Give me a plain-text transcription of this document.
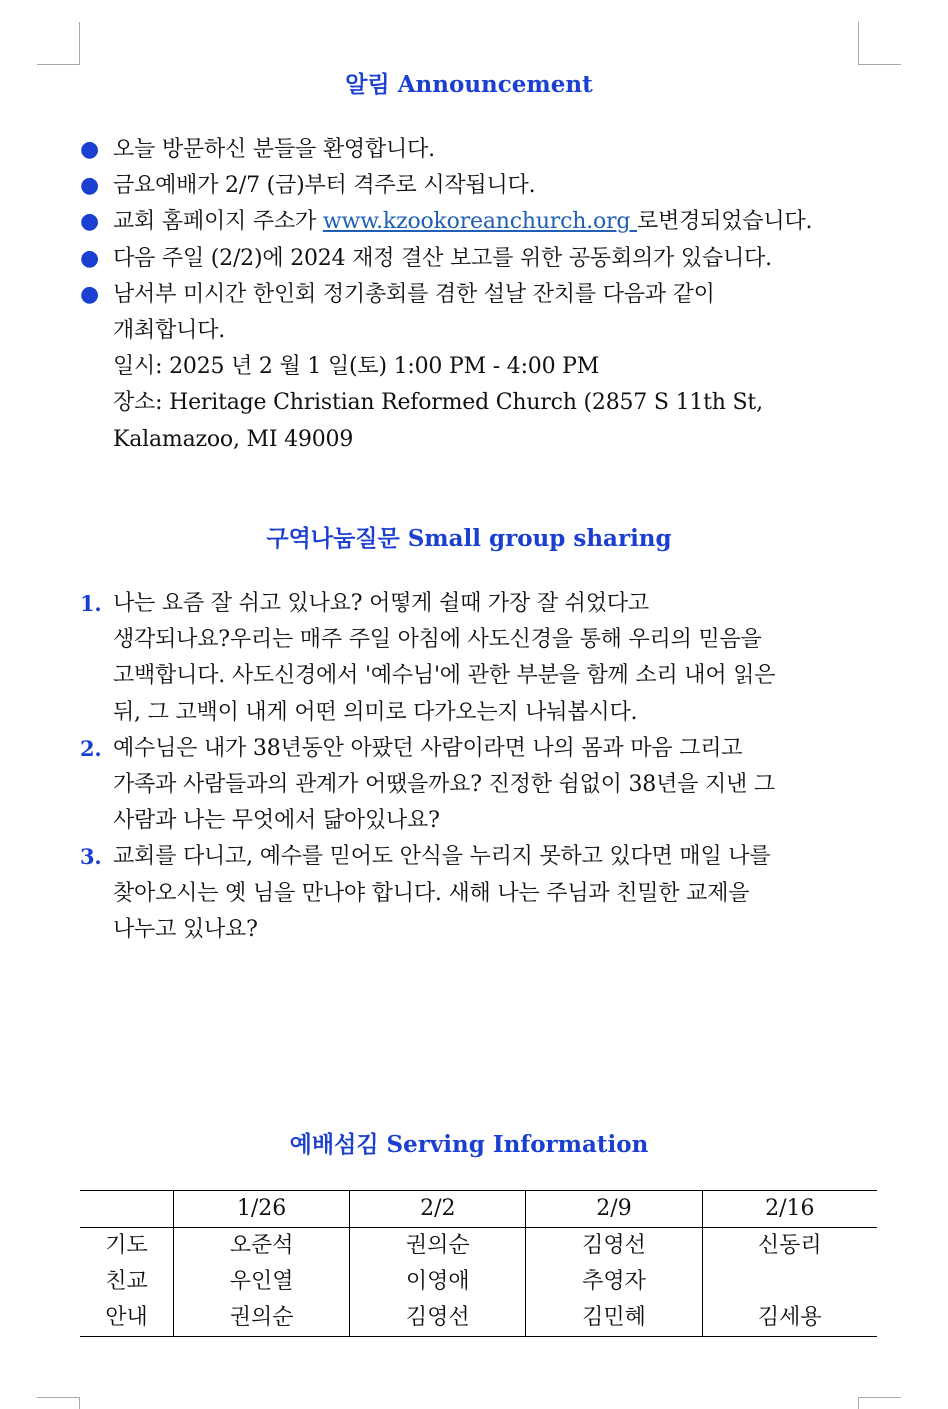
알림 Announcement
● 오늘 방문하신 분들을 환영합니다.
● 금요예배가 2/7 (금)부터 격주로 시작됩니다.
● 교회 홈페이지 주소가 www.kzookoreanchurch.org 로변경되었습니다.
● 다음 주일 (2/2)에 2024 재정 결산 보고를 위한 공동회의가 있습니다.
● 남서부 미시간 한인회 정기총회를 겸한 설날 잔치를 다음과 같이
개최합니다.
일시: 2025 년 2 월 1 일(토) 1:00 PM - 4:00 PM
장소: Heritage Christian Reformed Church (2857 S 11th St,
Kalamazoo, MI 49009
구역나눔질문 Small group sharing
1. 나는 요즘 잘 쉬고 있나요? 어떻게 쉴때 가장 잘 쉬었다고
생각되나요?우리는 매주 주일 아침에 사도신경을 통해 우리의 믿음을
고백합니다. 사도신경에서 '예수님'에 관한 부분을 함께 소리 내어 읽은
뒤, 그 고백이 내게 어떤 의미로 다가오는지 나눠봅시다.
2. 예수님은 내가 38년동안 아팠던 사람이라면 나의 몸과 마음 그리고
가족과 사람들과의 관계가 어땠을까요? 진정한 쉼없이 38년을 지낸 그
사람과 나는 무엇에서 닮아있나요?
3. 교회를 다니고, 예수를 믿어도 안식을 누리지 못하고 있다면 매일 나를
찾아오시는 옛 님을 만나야 합니다. 새해 나는 주님과 친밀한 교제을
나누고 있나요?
예배섬김 Serving Information
	1/26	2/2	2/9	2/16
기도	오준석	권의순	김영선	신동리
친교	우인열	이영애	추영자	
안내	권의순	김영선	김민혜	김세용
